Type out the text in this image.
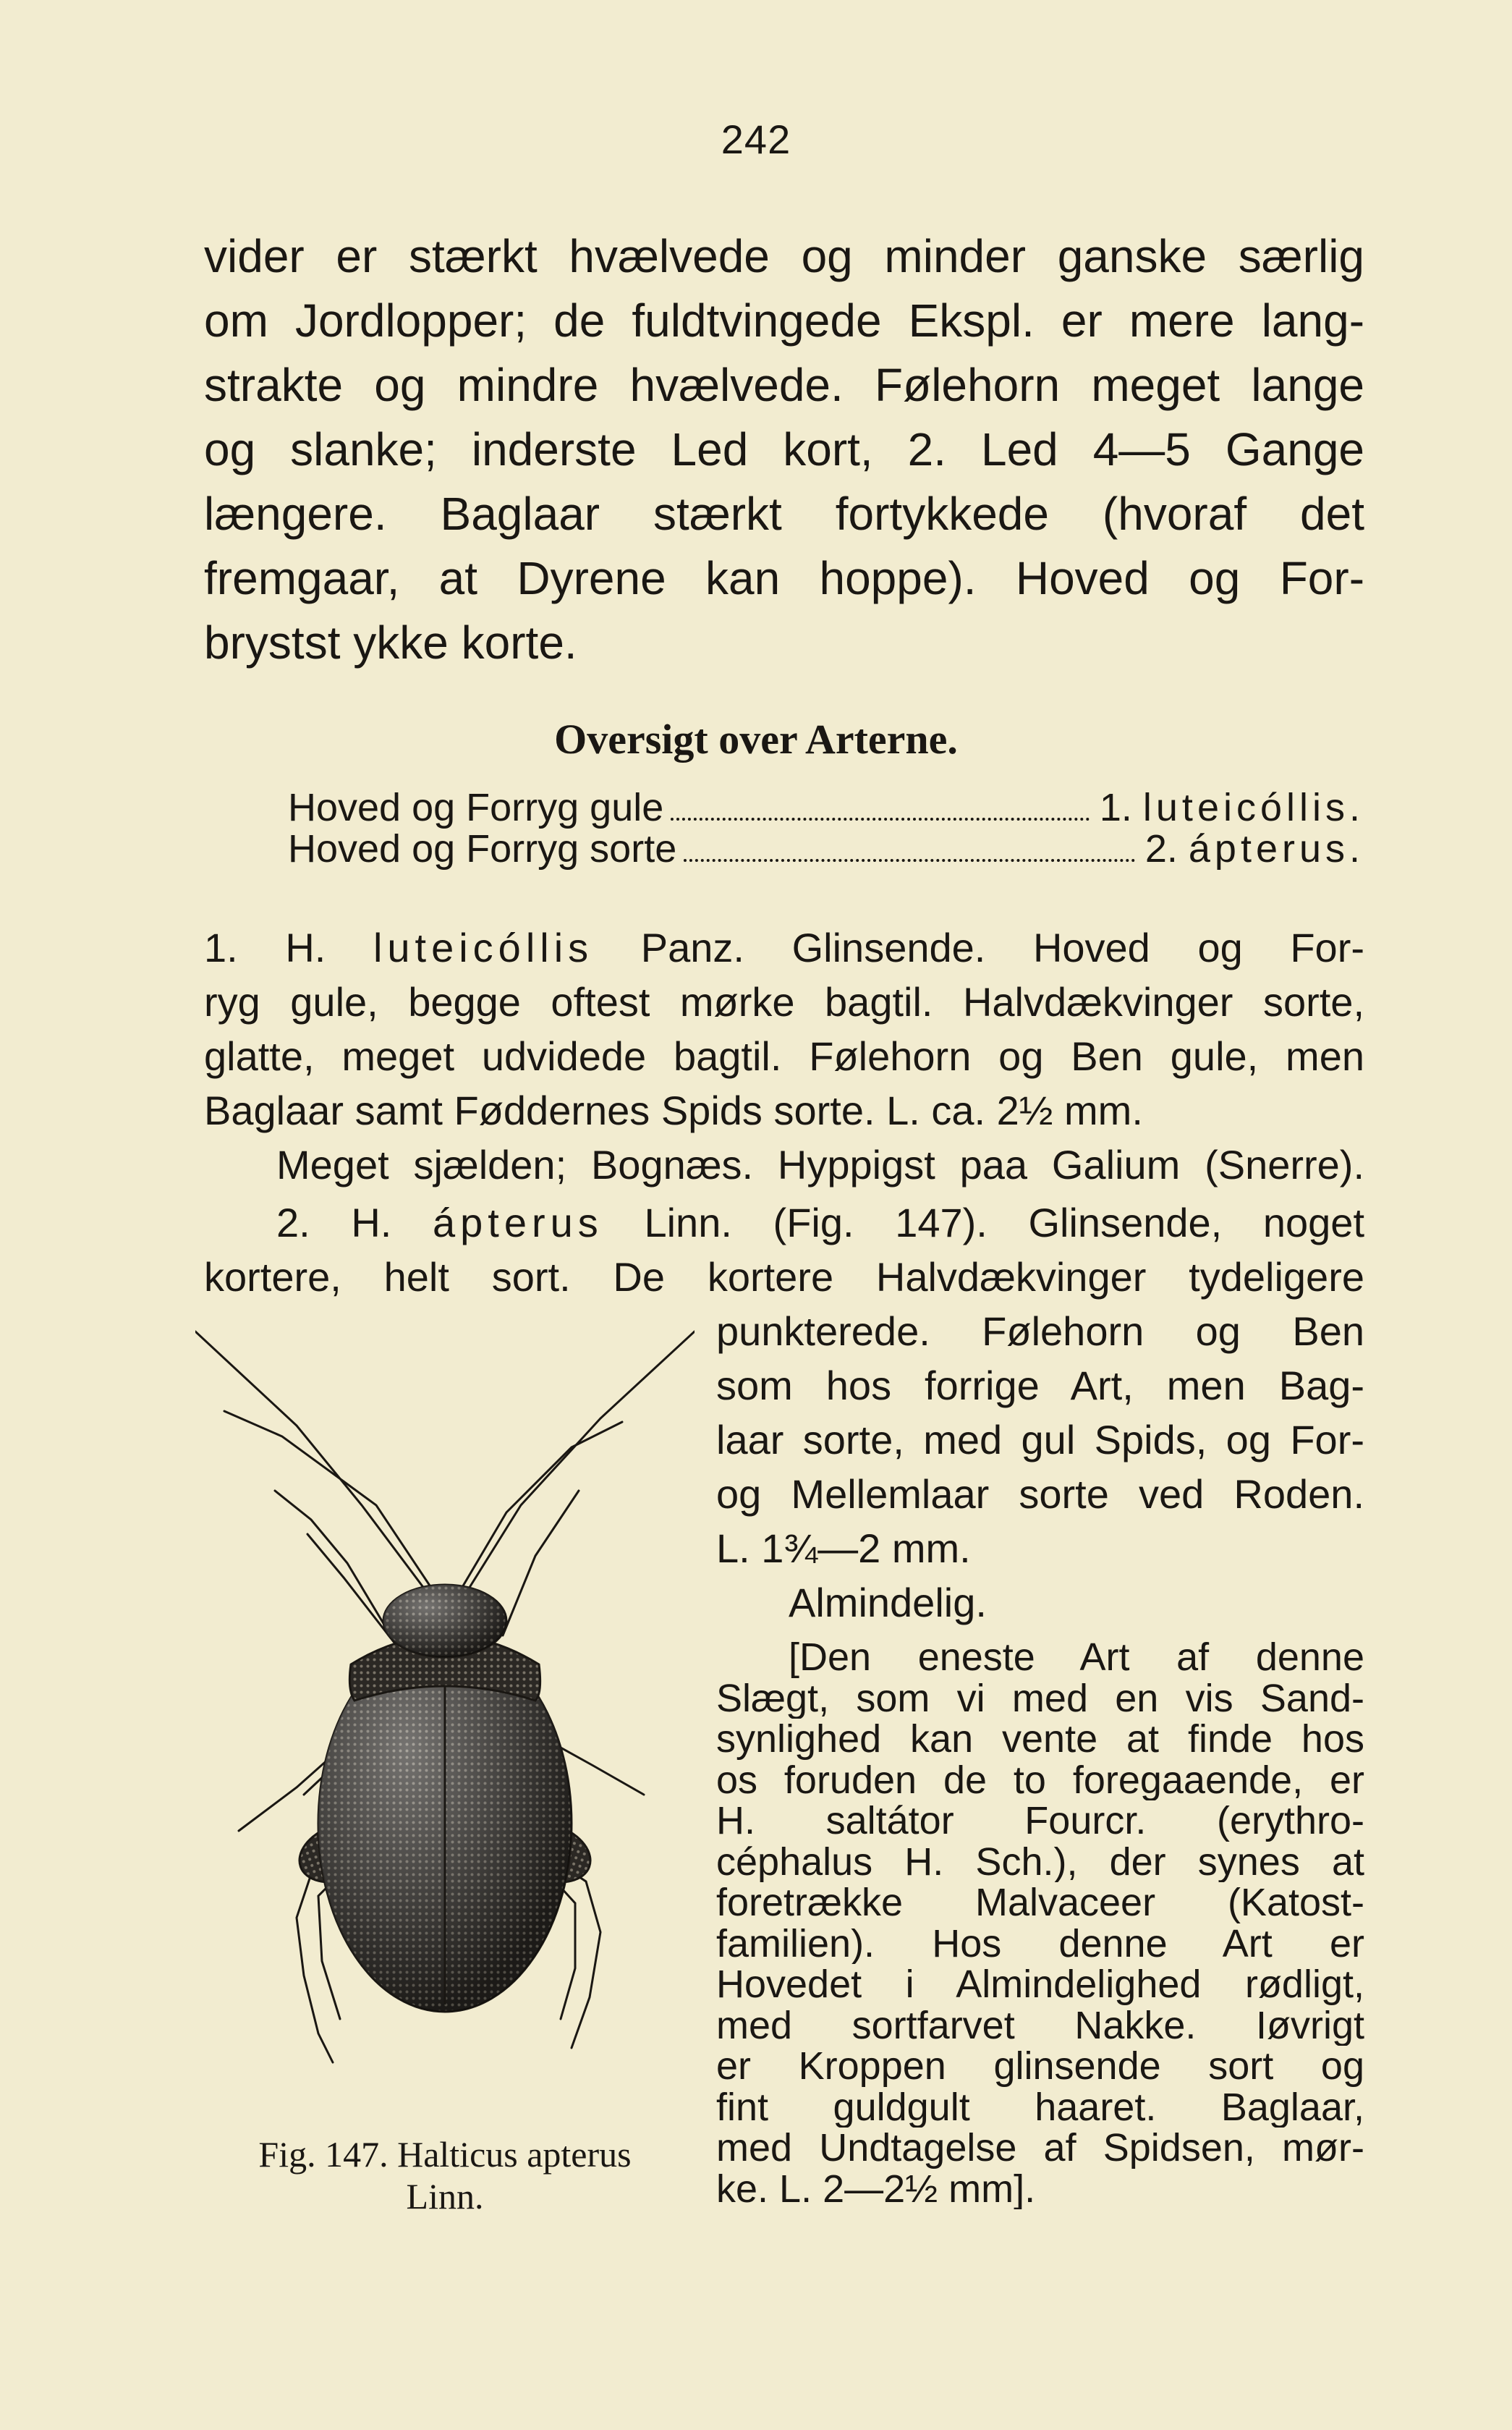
242
vider er stærkt hvælvede og minder ganske særlig
om Jordlopper; de fuldtvingede Ekspl. er mere lang-
strakte og mindre hvælvede. Følehorn meget lange
og slanke; inderste Led kort, 2. Led 4—5 Gange
længere. Baglaar stærkt fortykkede (hvoraf det
fremgaar, at Dyrene kan hoppe). Hoved og For-
brystst ykke korte.
Oversigt over Arterne.
Hoved og Forryg gule	1.
luteicóllis.
Hoved og Forryg sorte	2.
ápterus.
1. H. luteicóllis Panz. Glinsende. Hoved og For-
ryg gule, begge oftest mørke bagtil. Halvdækvinger sorte,
glatte, meget udvidede bagtil. Følehorn og Ben gule, men
Baglaar samt Føddernes Spids sorte. L. ca. 2½ mm.
Meget sjælden; Bognæs. Hyppigst paa Galium (Snerre).
2. H. ápterus Linn. (Fig. 147). Glinsende, noget
kortere, helt sort. De kortere Halvdækvinger tydeligere
punkterede. Følehorn og Ben
som hos forrige Art, men Bag-
laar sorte, med gul Spids, og For-
og Mellemlaar sorte ved Roden.
L. 1¾—2 mm.
Almindelig.
[Den eneste Art af denne
Slægt, som vi med en vis Sand-
synlighed kan vente at finde hos
os foruden de to foregaaende, er
H. saltátor Fourcr. (erythro-
céphalus H. Sch.), der synes at
foretrække Malvaceer (Katost-
familien). Hos denne Art er
Hovedet i Almindelighed rødligt,
med sortfarvet Nakke. Iøvrigt
er Kroppen glinsende sort og
fint guldgult haaret. Baglaar,
med Undtagelse af Spidsen, mør-
ke. L. 2—2½ mm].
Fig. 147. Halticus apterus
Linn.
